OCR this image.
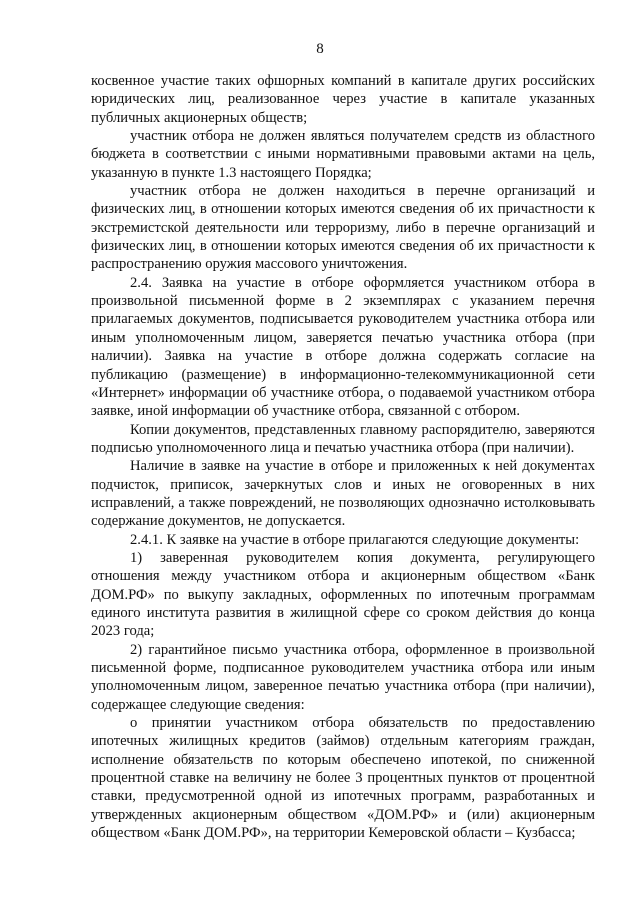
8

косвенное участие таких офшорных компаний в капитале других российских юридических лиц, реализованное через участие в капитале указанных публичных акционерных обществ;

участник отбора не должен являться получателем средств из областного бюджета в соответствии с иными нормативными правовыми актами на цель, указанную в пункте 1.3 настоящего Порядка;

участник отбора не должен находиться в перечне организаций и физических лиц, в отношении которых имеются сведения об их причастности к экстремистской деятельности или терроризму, либо в перечне организаций и физических лиц, в отношении которых имеются сведения об их причастности к распространению оружия массового уничтожения.

2.4. Заявка на участие в отборе оформляется участником отбора в произвольной письменной форме в 2 экземплярах с указанием перечня прилагаемых документов, подписывается руководителем участника отбора или иным уполномоченным лицом, заверяется печатью участника отбора (при наличии). Заявка на участие в отборе должна содержать согласие на публикацию (размещение) в информационно-телекоммуникационной сети «Интернет» информации об участнике отбора, о подаваемой участником отбора заявке, иной информации об участнике отбора, связанной с отбором.

Копии документов, представленных главному распорядителю, заверяются подписью уполномоченного лица и печатью участника отбора (при наличии).

Наличие в заявке на участие в отборе и приложенных к ней документах подчисток, приписок, зачеркнутых слов и иных не оговоренных в них исправлений, а также повреждений, не позволяющих однозначно истолковывать содержание документов, не допускается.

2.4.1. К заявке на участие в отборе прилагаются следующие документы:

1) заверенная руководителем копия документа, регулирующего отношения между участником отбора и акционерным обществом «Банк ДОМ.РФ» по выкупу закладных, оформленных по ипотечным программам единого института развития в жилищной сфере со сроком действия до конца 2023 года;

2) гарантийное письмо участника отбора, оформленное в произвольной письменной форме, подписанное руководителем участника отбора или иным уполномоченным лицом, заверенное печатью участника отбора (при наличии), содержащее следующие сведения:

о принятии участником отбора обязательств по предоставлению ипотечных жилищных кредитов (займов) отдельным категориям граждан, исполнение обязательств по которым обеспечено ипотекой, по сниженной процентной ставке на величину не более 3 процентных пунктов от процентной ставки, предусмотренной одной из ипотечных программ, разработанных и утвержденных акционерным обществом «ДОМ.РФ» и (или) акционерным обществом «Банк ДОМ.РФ», на территории Кемеровской области – Кузбасса;
